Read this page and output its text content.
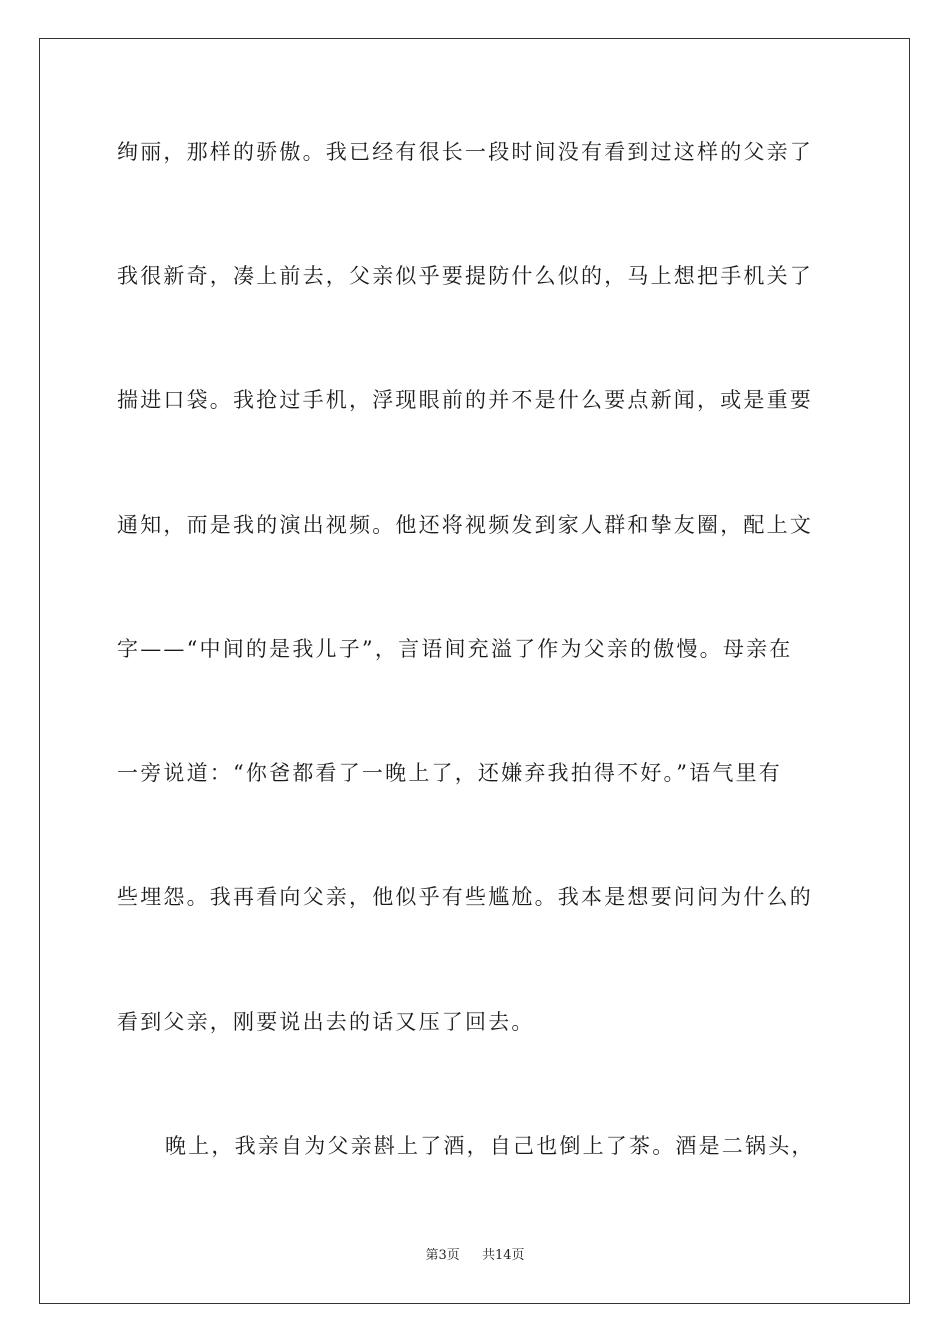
绚丽，那样的骄傲。我已经有很长一段时间没有看到过这样的父亲了
我很新奇，凑上前去，父亲似乎要提防什么似的，马上想把手机关了
揣进口袋。我抢过手机，浮现眼前的并不是什么要点新闻，或是重要
通知，而是我的演出视频。他还将视频发到家人群和挚友圈，配上文
字——“中间的是我儿子”，言语间充溢了作为父亲的傲慢。母亲在
一旁说道：“你爸都看了一晚上了，还嫌弃我拍得不好。”语气里有
些埋怨。我再看向父亲，他似乎有些尴尬。我本是想要问问为什么的
看到父亲，刚要说出去的话又压了回去。
晚上，我亲自为父亲斟上了酒，自己也倒上了茶。酒是二锅头，
第3页 共14页
